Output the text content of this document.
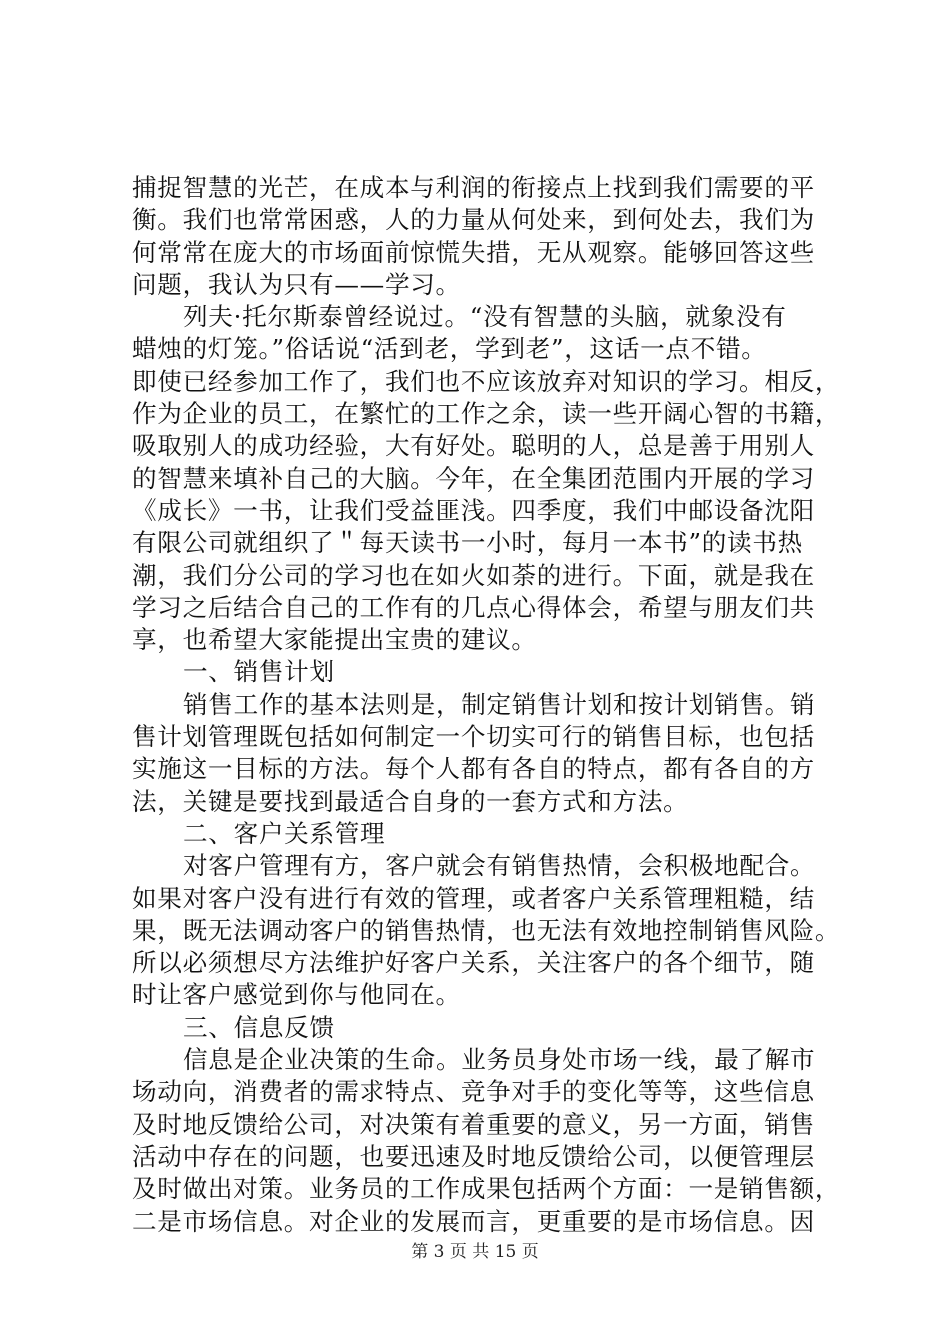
捕捉智慧的光芒，在成本与利润的衔接点上找到我们需要的平
衡。我们也常常困惑，人的力量从何处来，到何处去，我们为
何常常在庞大的市场面前惊慌失措，无从观察。能够回答这些
问题，我认为只有——学习。
列夫·托尔斯泰曾经说过。“没有智慧的头脑，就象没有
蜡烛的灯笼。”俗话说“活到老，学到老”，这话一点不错。
即使已经参加工作了，我们也不应该放弃对知识的学习。相反，
作为企业的员工，在繁忙的工作之余，读一些开阔心智的书籍，
吸取别人的成功经验，大有好处。聪明的人，总是善于用别人
的智慧来填补自己的大脑。今年，在全集团范围内开展的学习
《成长》一书，让我们受益匪浅。四季度，我们中邮设备沈阳
有限公司就组织了＂每天读书一小时，每月一本书”的读书热
潮，我们分公司的学习也在如火如荼的进行。下面，就是我在
学习之后结合自己的工作有的几点心得体会，希望与朋友们共
享，也希望大家能提出宝贵的建议。
一、销售计划
销售工作的基本法则是，制定销售计划和按计划销售。销
售计划管理既包括如何制定一个切实可行的销售目标，也包括
实施这一目标的方法。每个人都有各自的特点，都有各自的方
法，关键是要找到最适合自身的一套方式和方法。
二、客户关系管理
对客户管理有方，客户就会有销售热情，会积极地配合。
如果对客户没有进行有效的管理，或者客户关系管理粗糙，结
果，既无法调动客户的销售热情，也无法有效地控制销售风险。
所以必须想尽方法维护好客户关系，关注客户的各个细节，随
时让客户感觉到你与他同在。
三、信息反馈
信息是企业决策的生命。业务员身处市场一线，最了解市
场动向，消费者的需求特点、竞争对手的变化等等，这些信息
及时地反馈给公司，对决策有着重要的意义，另一方面，销售
活动中存在的问题，也要迅速及时地反馈给公司，以便管理层
及时做出对策。业务员的工作成果包括两个方面：一是销售额，
二是市场信息。对企业的发展而言，更重要的是市场信息。因
第 3 页 共 15 页
